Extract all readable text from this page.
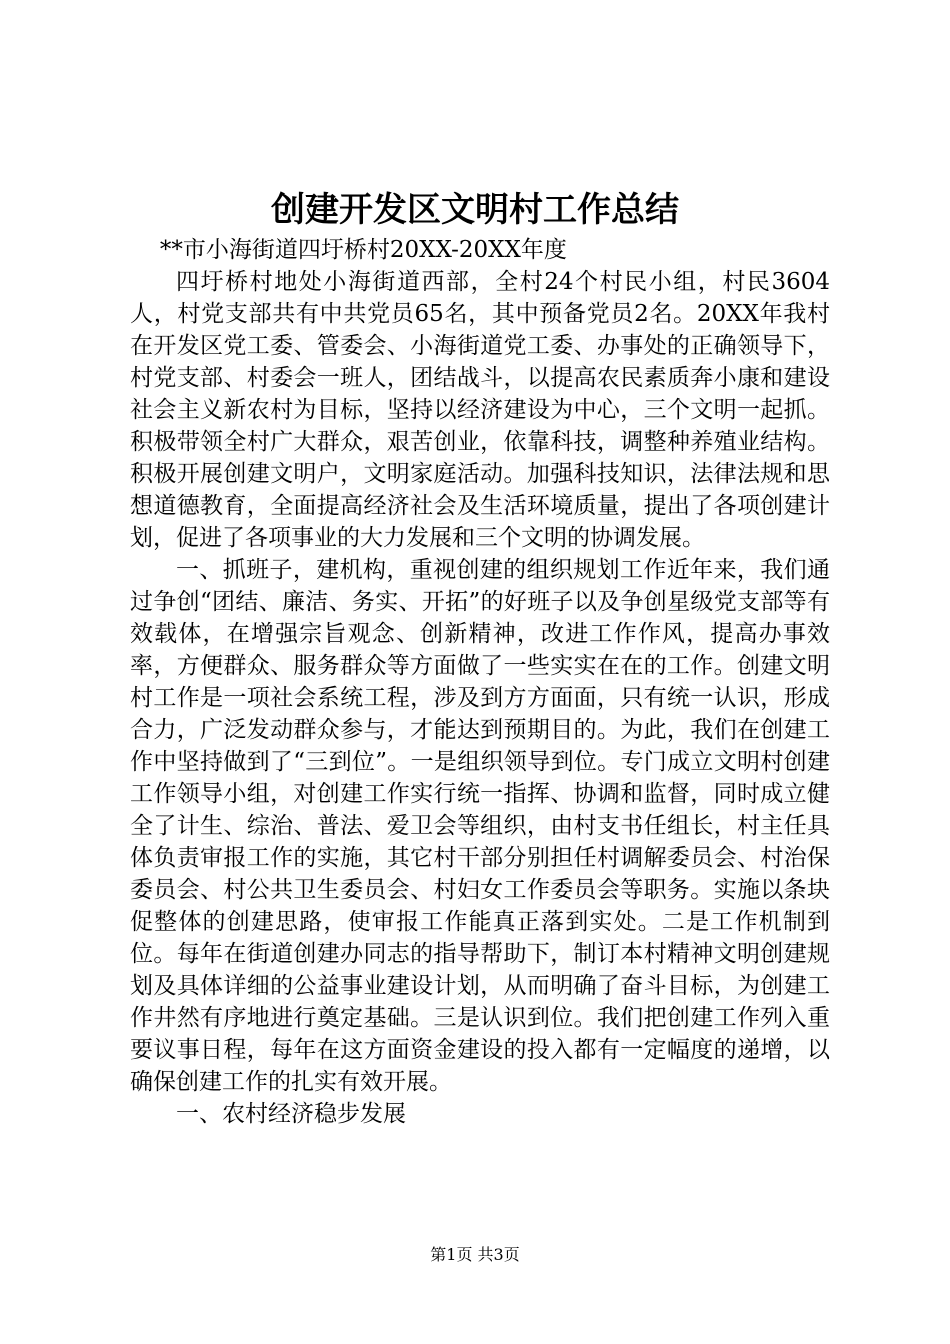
创建开发区文明村工作总结

**市小海街道四圩桥村20XX-20XX年度

四圩桥村地处小海街道西部，全村24个村民小组，村民3604人，村党支部共有中共党员65名，其中预备党员2名。20XX年我村在开发区党工委、管委会、小海街道党工委、办事处的正确领导下，村党支部、村委会一班人，团结战斗，以提高农民素质奔小康和建设社会主义新农村为目标，坚持以经济建设为中心，三个文明一起抓。积极带领全村广大群众，艰苦创业，依靠科技，调整种养殖业结构。积极开展创建文明户，文明家庭活动。加强科技知识，法律法规和思想道德教育，全面提高经济社会及生活环境质量，提出了各项创建计划，促进了各项事业的大力发展和三个文明的协调发展。

一、抓班子，建机构，重视创建的组织规划工作近年来，我们通过争创“团结、廉洁、务实、开拓”的好班子以及争创星级党支部等有效载体，在增强宗旨观念、创新精神，改进工作作风，提高办事效率，方便群众、服务群众等方面做了一些实实在在的工作。创建文明村工作是一项社会系统工程，涉及到方方面面，只有统一认识，形成合力，广泛发动群众参与，才能达到预期目的。为此，我们在创建工作中坚持做到了“三到位”。一是组织领导到位。专门成立文明村创建工作领导小组，对创建工作实行统一指挥、协调和监督，同时成立健全了计生、综治、普法、爱卫会等组织，由村支书任组长，村主任具体负责审报工作的实施，其它村干部分别担任村调解委员会、村治保委员会、村公共卫生委员会、村妇女工作委员会等职务。实施以条块促整体的创建思路，使审报工作能真正落到实处。二是工作机制到位。每年在街道创建办同志的指导帮助下，制订本村精神文明创建规划及具体详细的公益事业建设计划，从而明确了奋斗目标，为创建工作井然有序地进行奠定基础。三是认识到位。我们把创建工作列入重要议事日程，每年在这方面资金建设的投入都有一定幅度的递增，以确保创建工作的扎实有效开展。

一、农村经济稳步发展

第1页 共3页
